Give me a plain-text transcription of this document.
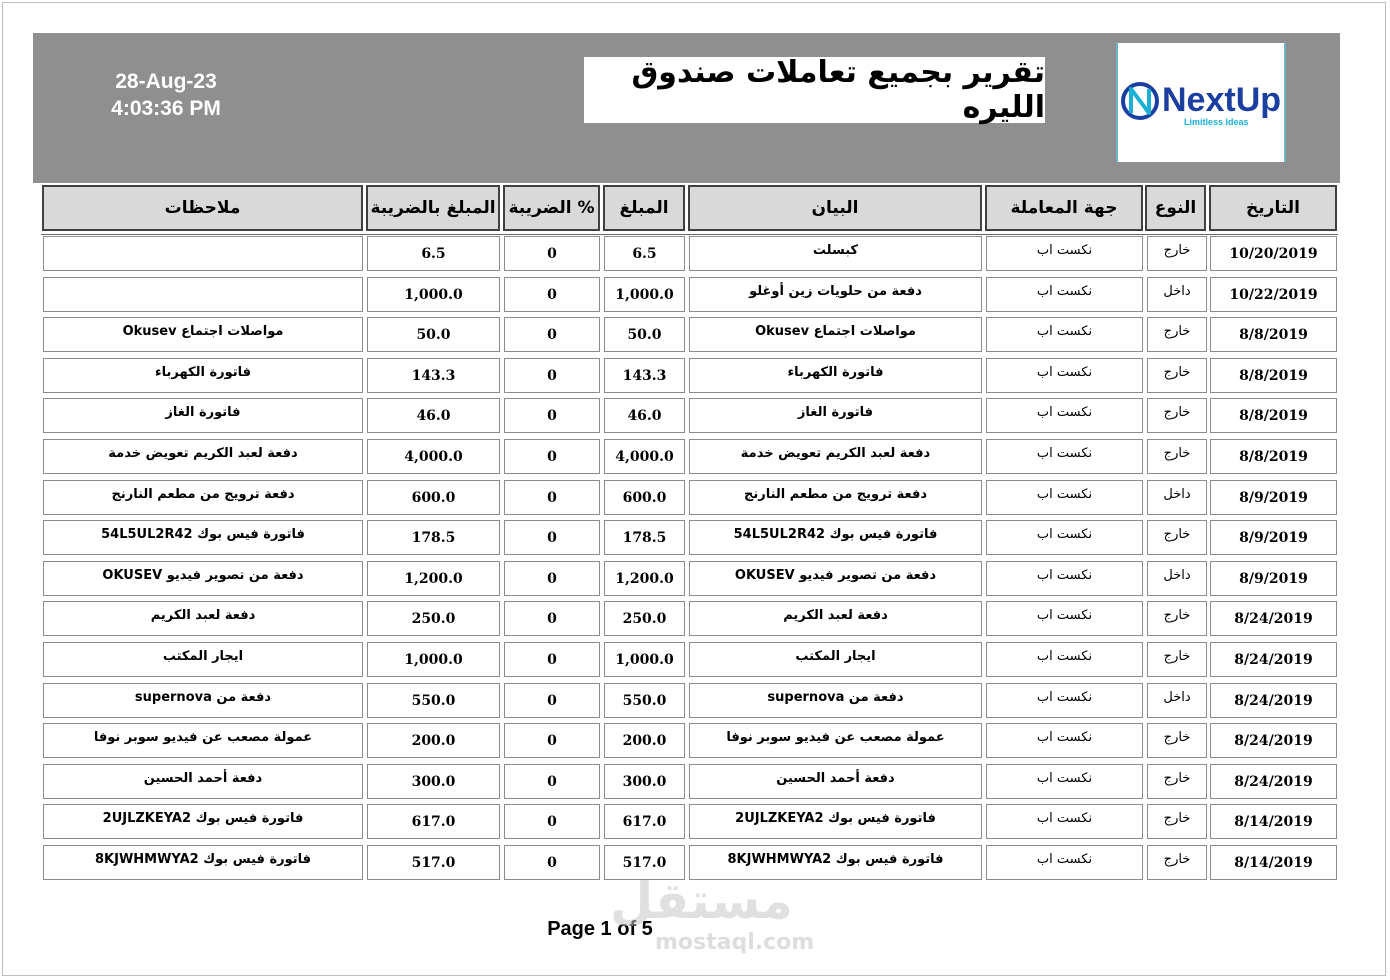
28-Aug-23
4:03:36 PM
تقرير بجميع تعاملات صندوق الليره	NextUp
Limitless Ideas
التاريخ
النوع
جهة المعاملة
البيان
المبلغ
% الضريبة
المبلغ بالضريبة
ملاحظات
10/20/2019
خارج
نكست اب
كبسلت
6.5
0
6.5
10/22/2019
داخل
نكست اب
دفعة من حلويات زين أوغلو
1,000.0
0
1,000.0
8/8/2019
خارج
نكست اب
مواصلات اجتماع Okusev
50.0
0
50.0
مواصلات اجتماع Okusev
8/8/2019
خارج
نكست اب
فاتورة الكهرباء
143.3
0
143.3
فاتورة الكهرباء
8/8/2019
خارج
نكست اب
فاتورة الغاز
46.0
0
46.0
فاتورة الغاز
8/8/2019
خارج
نكست اب
دفعة لعبد الكريم تعويض خدمة
4,000.0
0
4,000.0
دفعة لعبد الكريم تعويض خدمة
8/9/2019
داخل
نكست اب
دفعة ترويج من مطعم النارنج
600.0
0
600.0
دفعة ترويج من مطعم النارنج
8/9/2019
خارج
نكست اب
فاتورة فيس بوك 54L5UL2R42
178.5
0
178.5
فاتورة فيس بوك 54L5UL2R42
8/9/2019
داخل
نكست اب
دفعة من تصوير فيديو OKUSEV
1,200.0
0
1,200.0
دفعة من تصوير فيديو OKUSEV
8/24/2019
خارج
نكست اب
دفعة لعبد الكريم
250.0
0
250.0
دفعة لعبد الكريم
8/24/2019
خارج
نكست اب
ايجار المكتب
1,000.0
0
1,000.0
ايجار المكتب
8/24/2019
داخل
نكست اب
دفعة من supernova
550.0
0
550.0
دفعة من supernova
8/24/2019
خارج
نكست اب
عمولة مصعب عن فيديو سوبر نوفا
200.0
0
200.0
عمولة مصعب عن فيديو سوبر نوفا
8/24/2019
خارج
نكست اب
دفعة أحمد الحسين
300.0
0
300.0
دفعة أحمد الحسين
8/14/2019
خارج
نكست اب
فاتورة فيس بوك 2UJLZKEYA2
617.0
0
617.0
فاتورة فيس بوك 2UJLZKEYA2
8/14/2019
خارج
نكست اب
فاتورة فيس بوك 8KJWHMWYA2
517.0
0
517.0
فاتورة فيس بوك 8KJWHMWYA2
Page 1 of 5
مستقل
mostaql.com
